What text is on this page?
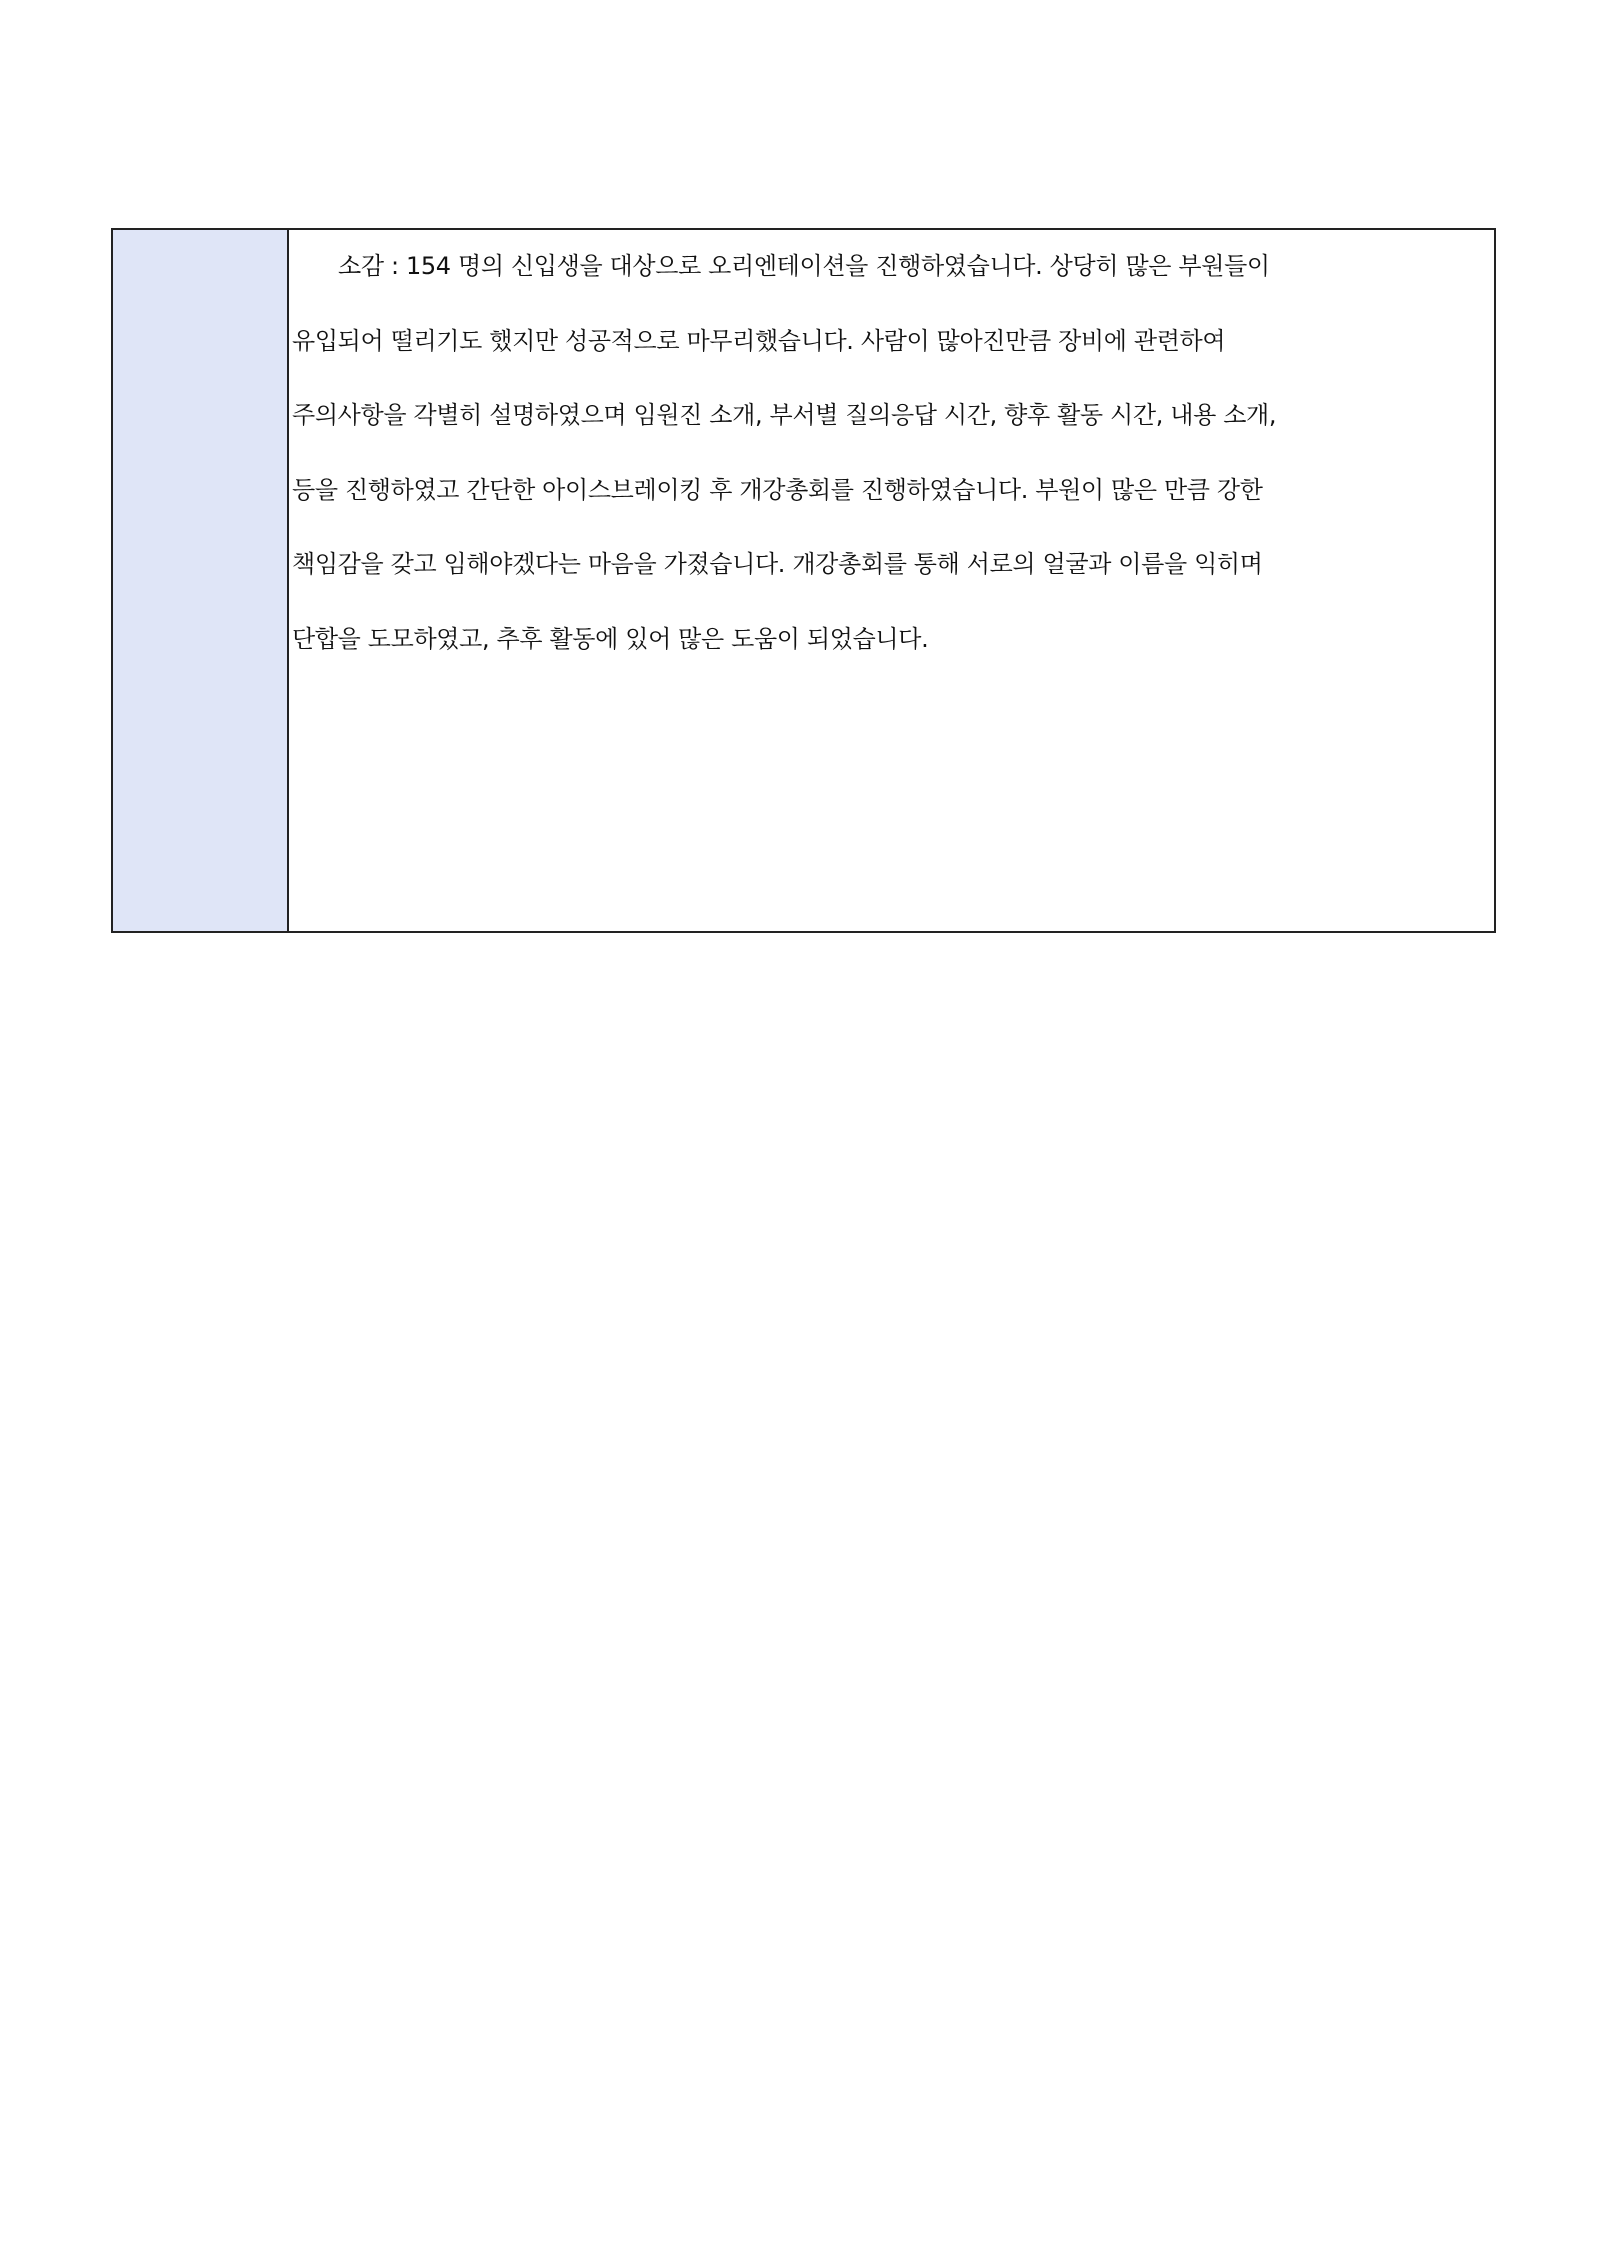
소감 : 154 명의 신입생을 대상으로 오리엔테이션을 진행하였습니다. 상당히 많은 부원들이

유입되어 떨리기도 했지만 성공적으로 마무리했습니다. 사람이 많아진만큼 장비에 관련하여

주의사항을 각별히 설명하였으며 임원진 소개, 부서별 질의응답 시간, 향후 활동 시간, 내용 소개,

등을 진행하였고 간단한 아이스브레이킹 후 개강총회를 진행하였습니다. 부원이 많은 만큼 강한

책임감을 갖고 임해야겠다는 마음을 가졌습니다. 개강총회를 통해 서로의 얼굴과 이름을 익히며

단합을 도모하였고, 추후 활동에 있어 많은 도움이 되었습니다.
